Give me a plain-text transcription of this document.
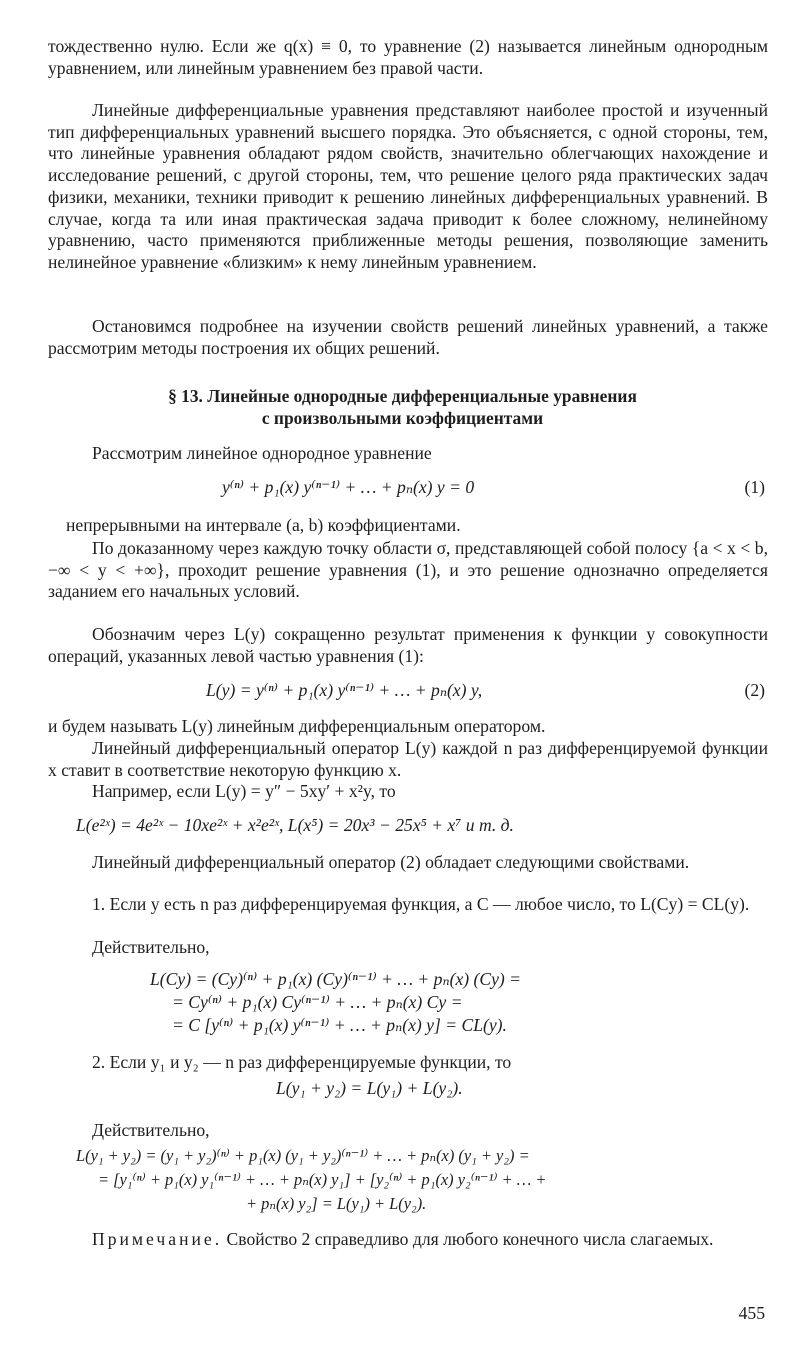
тождественно нулю. Если же q(x) ≡ 0, то уравнение (2) называется линейным однородным уравнением, или линейным уравнением без правой части.

Линейные дифференциальные уравнения представляют наиболее простой и изученный тип дифференциальных уравнений высшего порядка. Это объясняется, с одной стороны, тем, что линейные уравнения обладают рядом свойств, значительно облегчающих нахождение и исследование решений, с другой стороны, тем, что решение целого ряда практических задач физики, механики, техники приводит к решению линейных дифференциальных уравнений. В случае, когда та или иная практическая задача приводит к более сложному, нелинейному уравнению, часто применяются приближенные методы решения, позволяющие заменить нелинейное уравнение «близким» к нему линейным уравнением.

Остановимся подробнее на изучении свойств решений линейных уравнений, а также рассмотрим методы построения их общих решений.

§ 13. Линейные однородные дифференциальные уравнения

с произвольными коэффициентами

Рассмотрим линейное однородное уравнение

y⁽ⁿ⁾ + p₁(x) y⁽ⁿ⁻¹⁾ + … + pₙ(x) y = 0	(1)

непрерывными на интервале (a, b) коэффициентами.

По доказанному через каждую точку области σ, представляющей собой полосу {a < x < b, −∞ < y < +∞}, проходит решение уравнения (1), и это решение однозначно определяется заданием его начальных условий.

Обозначим через L(y) сокращенно результат применения к функции y совокупности операций, указанных левой частью уравнения (1):

L(y) = y⁽ⁿ⁾ + p₁(x) y⁽ⁿ⁻¹⁾ + … + pₙ(x) y,	(2)

и будем называть L(y) линейным дифференциальным оператором.

Линейный дифференциальный оператор L(y) каждой n раз дифференцируемой функции x ставит в соответствие некоторую функцию x.

Например, если L(y) = y″ − 5xy′ + x²y, то

L(e²ˣ) = 4e²ˣ − 10xe²ˣ + x²e²ˣ, L(x⁵) = 20x³ − 25x⁵ + x⁷ и т. д.

Линейный дифференциальный оператор (2) обладает следующими свойствами.

1. Если y есть n раз дифференцируемая функция, а C — любое число, то L(Cy) = CL(y).

Действительно,

L(Cy) = (Cy)⁽ⁿ⁾ + p₁(x) (Cy)⁽ⁿ⁻¹⁾ + … + pₙ(x) (Cy) =

= Cy⁽ⁿ⁾ + p₁(x) Cy⁽ⁿ⁻¹⁾ + … + pₙ(x) Cy =

= C [y⁽ⁿ⁾ + p₁(x) y⁽ⁿ⁻¹⁾ + … + pₙ(x) y] = CL(y).

2. Если y₁ и y₂ — n раз дифференцируемые функции, то

L(y₁ + y₂) = L(y₁) + L(y₂).

Действительно,

L(y₁ + y₂) = (y₁ + y₂)⁽ⁿ⁾ + p₁(x) (y₁ + y₂)⁽ⁿ⁻¹⁾ + … + pₙ(x) (y₁ + y₂) =

= [y₁⁽ⁿ⁾ + p₁(x) y₁⁽ⁿ⁻¹⁾ + … + pₙ(x) y₁] + [y₂⁽ⁿ⁾ + p₁(x) y₂⁽ⁿ⁻¹⁾ + … +

+ pₙ(x) y₂] = L(y₁) + L(y₂).

Примечание. Свойство 2 справедливо для любого конечного числа слагаемых.

455
